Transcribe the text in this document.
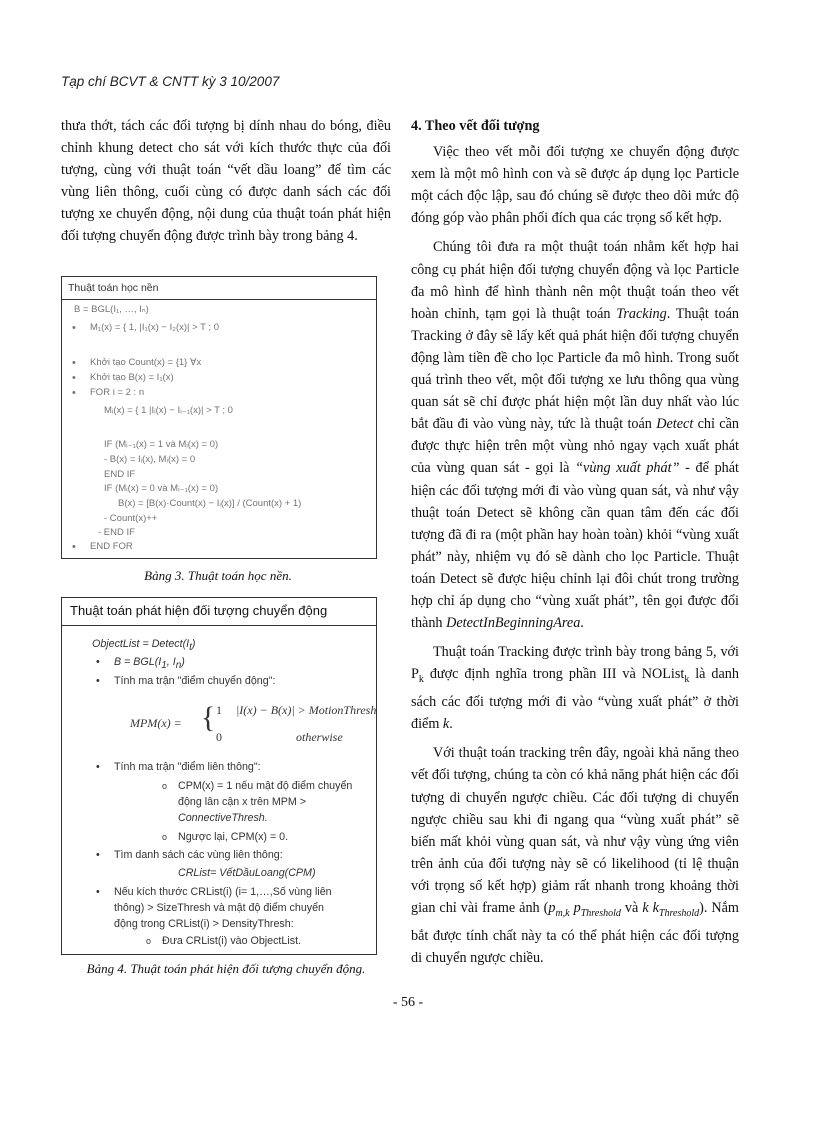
Tạp chí BCVT & CNTT kỳ 3 10/2007

thưa thớt, tách các đối tượng bị dính nhau do bóng, điều chỉnh khung detect cho sát với kích thước thực của đối tượng, cùng với thuật toán “vết dầu loang” để tìm các vùng liên thông, cuối cùng có được danh sách các đối tượng xe chuyển động, nội dung của thuật toán phát hiện đối tượng chuyển động được trình bày trong bảng 4.

Thuật toán học nền
B = BGL(I₁, …, Iₙ)
• M₁(x) = { 1, |I₁(x) − I₂(x)| > T ; 0
• Khởi tạo Count(x) = {1} ∀x
• Khởi tạo B(x) = I₁(x)
• FOR i = 2 : n
Mᵢ(x) = { 1 |Iᵢ(x) − Iᵢ₋₁(x)| > T ; 0
IF (Mᵢ₋₁(x) = 1 và Mᵢ(x) = 0)
- B(x) = Iᵢ(x), Mᵢ(x) = 0
END IF
IF (Mᵢ(x) = 0 và Mᵢ₋₁(x) = 0)
B(x) = [B(x)·Count(x) − Iᵢ(x)] / (Count(x) + 1)
- Count(x)++
- END IF
• END FOR
Bảng 3. Thuật toán học nền.
Thuật toán phát hiện đối tượng chuyển động
ObjectList = $Detect(I_t)$
• $B = BGL(I_1$, $I_n$)
• Tính ma trận "điểm chuyển động":
MPM(x) = { 1 |I(x) − B(x)| > MotionThresh
0	otherwise
• Tính ma trận "điểm liên thông":
o CPM(x) = 1 nếu mật độ điểm chuyển
động lân cận x trên MPM >
ConnectiveThresh.
o Ngược lại, CPM(x) = 0.
• Tìm danh sách các vùng liên thông:
CRList= VếtDầuLoang(CPM)
• Nếu kích thước CRList(i) (i= 1,…,Số vùng liên
thông) > SizeThresh và mật độ điểm chuyển
động trong CRList(i) > DensityThresh:
o Đưa CRList(i) vào ObjectList.
Bảng 4. Thuật toán phát hiện đối tượng chuyển động.

4. Theo vết đối tượng

Việc theo vết mỗi đối tượng xe chuyển động được xem là một mô hình con và sẽ được áp dụng lọc Particle một cách độc lập, sau đó chúng sẽ được theo dõi mức độ đóng góp vào phân phối đích qua các trọng số kết hợp.

Chúng tôi đưa ra một thuật toán nhằm kết hợp hai công cụ phát hiện đối tượng chuyển động và lọc Particle đa mô hình để hình thành nên một thuật toán theo vết hoàn chỉnh, tạm gọi là thuật toán Tracking. Thuật toán Tracking ở đây sẽ lấy kết quả phát hiện đối tượng chuyển động làm tiền đề cho lọc Particle đa mô hình. Trong suốt quá trình theo vết, một đối tượng xe lưu thông qua vùng quan sát sẽ chỉ được phát hiện một lần duy nhất vào lúc bắt đầu đi vào vùng này, tức là thuật toán Detect chỉ cần được thực hiện trên một vùng nhỏ ngay vạch xuất phát của vùng quan sát - gọi là “vùng xuất phát” - để phát hiện các đối tượng mới đi vào vùng quan sát, và như vậy thuật toán Detect sẽ không cần quan tâm đến các đối tượng đã đi ra (một phần hay hoàn toàn) khỏi “vùng xuất phát” này, nhiệm vụ đó sẽ dành cho lọc Particle. Thuật toán Detect sẽ được hiệu chỉnh lại đôi chút trong trường hợp chỉ áp dụng cho “vùng xuất phát”, tên gọi được đổi thành DetectInBeginningArea.

Thuật toán Tracking được trình bày trong bảng 5, với $P_k$ được định nghĩa trong phần III và NOList$_k$ là danh sách các đối tượng mới đi vào “vùng xuất phát” ở thời điểm k.

Với thuật toán tracking trên đây, ngoài khả năng theo vết đối tượng, chúng ta còn có khả năng phát hiện các đối tượng di chuyển ngược chiều. Các đối tượng di chuyển ngược chiều sau khi đi ngang qua “vùng xuất phát” sẽ biến mất khỏi vùng quan sát, và như vậy vùng ứng viên trên ảnh của đối tượng này sẽ có likelihood (tỉ lệ thuận với trọng số kết hợp) giảm rất nhanh trong khoảng thời gian chỉ vài frame ảnh ($p_{m,k}$ $p_{Threshold}$ và k $k_{Threshold}$). Nắm bắt được tính chất này ta có thể phát hiện các đối tượng di chuyển ngược chiều.

- 56 -
